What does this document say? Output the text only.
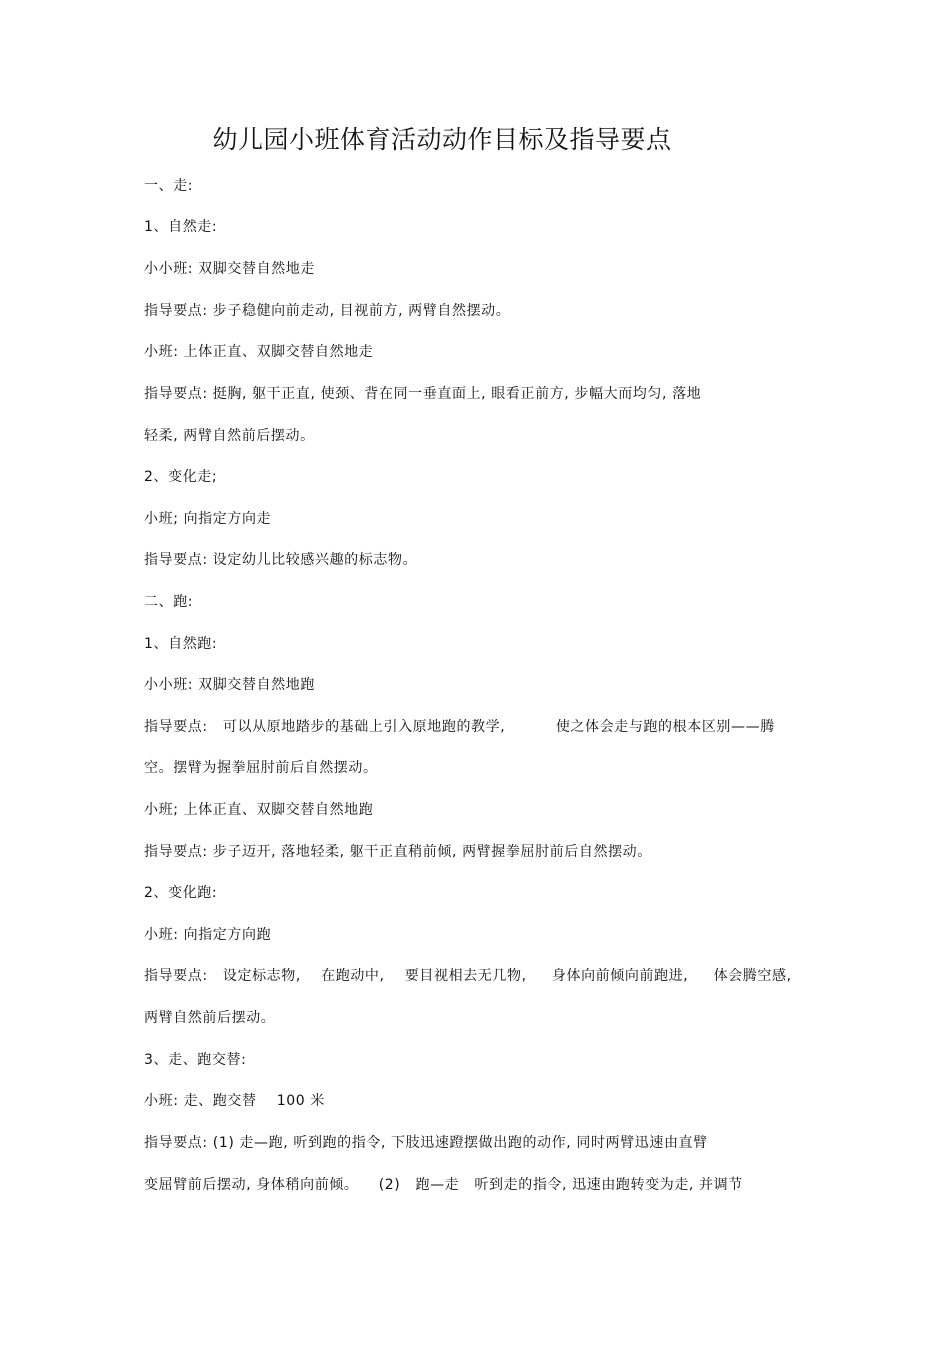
幼儿园小班体育活动动作目标及指导要点
一、走:
1、自然走:
小小班: 双脚交替自然地走
指导要点: 步子稳健向前走动, 目视前方, 两臂自然摆动。
小班: 上体正直、双脚交替自然地走
指导要点: 挺胸, 躯干正直, 使颈、背在同一垂直面上, 眼看正前方, 步幅大而均匀, 落地
轻柔, 两臂自然前后摆动。
2、变化走;
小班; 向指定方向走
指导要点: 设定幼儿比较感兴趣的标志物。
二、跑:
1、自然跑:
小小班: 双脚交替自然地跑
指导要点:   可以从原地踏步的基础上引入原地跑的教学,          使之体会走与跑的根本区别——腾
空。摆臂为握拳屈肘前后自然摆动。
小班; 上体正直、双脚交替自然地跑
指导要点: 步子迈开, 落地轻柔, 躯干正直稍前倾, 两臂握拳屈肘前后自然摆动。
2、变化跑:
小班: 向指定方向跑
指导要点:   设定标志物,    在跑动中,    要目视相去无几物,     身体向前倾向前跑进,     体会腾空感,
两臂自然前后摆动。
3、走、跑交替:
小班: 走、跑交替    100 米
指导要点: (1) 走—跑, 听到跑的指令, 下肢迅速蹬摆做出跑的动作, 同时两臂迅速由直臂
变屈臂前后摆动, 身体稍向前倾。    (2)   跑—走   听到走的指令, 迅速由跑转变为走, 并调节
